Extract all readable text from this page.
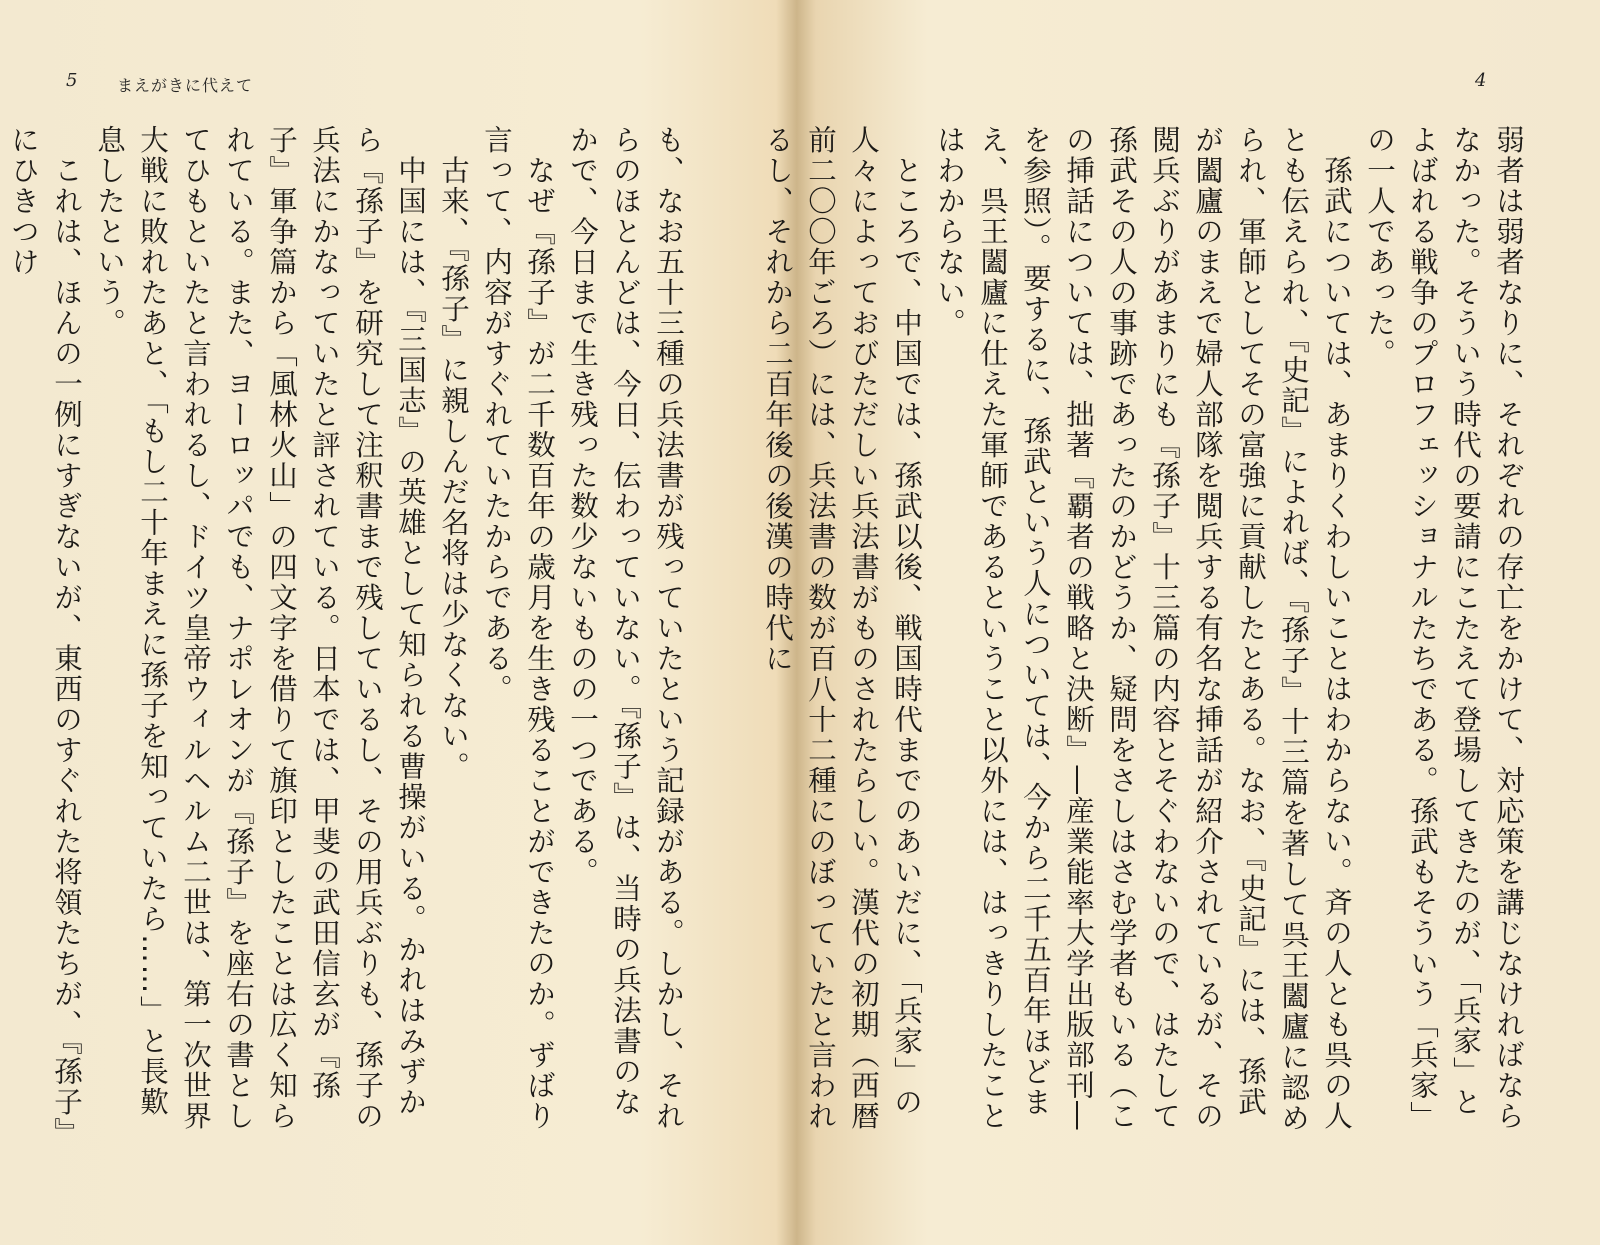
5 まえがきに代えて
も、なお五十三種の兵法書が残っていたという記録がある。しかし、それらのほとんどは、今日、伝わっていない。『孫子』は、当時の兵法書のなかで、今日まで生き残った数少ないものの一つである。
　なぜ『孫子』が二千数百年の歳月を生き残ることができたのか。ずばり言って、内容がすぐれていたからである。

　古来、『孫子』に親しんだ名将は少なくない。
　中国には、『三国志』の英雄として知られる曹操がいる。かれはみずから『孫子』を研究して注釈書まで残しているし、その用兵ぶりも、孫子の兵法にかなっていたと評されている。日本では、甲斐の武田信玄が『孫子』軍争篇から「風林火山」の四文字を借りて旗印としたことは広く知られている。また、ヨーロッパでも、ナポレオンが『孫子』を座右の書としてひもといたと言われるし、ドイツ皇帝ウィルヘルム二世は、第一次世界大戦に敗れたあと、「もし二十年まえに孫子を知っていたら……」と長歎息したという。
　これは、ほんの一例にすぎないが、東西のすぐれた将領たちが、『孫子』にひきつけ
4
弱者は弱者なりに、それぞれの存亡をかけて、対応策を講じなければならなかった。そういう時代の要請にこたえて登場してきたのが、「兵家」とよばれる戦争のプロフェッショナルたちである。孫武もそういう「兵家」の一人であった。

　孫武については、あまりくわしいことはわからない。斉の人とも呉の人とも伝えられ、『史記』によれば、『孫子』十三篇を著して呉王闔廬に認められ、軍師としてその富強に貢献したとある。なお、『史記』には、孫武が闔廬のまえで婦人部隊を閲兵する有名な挿話が紹介されているが、その閲兵ぶりがあまりにも『孫子』十三篇の内容とそぐわないので、はたして孫武その人の事跡であったのかどうか、疑問をさしはさむ学者もいる（この挿話については、拙著『覇者の戦略と決断』―産業能率大学出版部刊―を参照）。要するに、孫武という人については、今から二千五百年ほどまえ、呉王闔廬に仕えた軍師であるということ以外には、はっきりしたことはわからない。
　ところで、中国では、孫武以後、戦国時代までのあいだに、「兵家」の人々によっておびただしい兵法書がものされたらしい。漢代の初期（西暦前二〇〇年ごろ）には、兵法書の数が百八十二種にのぼっていたと言われるし、それから二百年後の後漢の時代に
